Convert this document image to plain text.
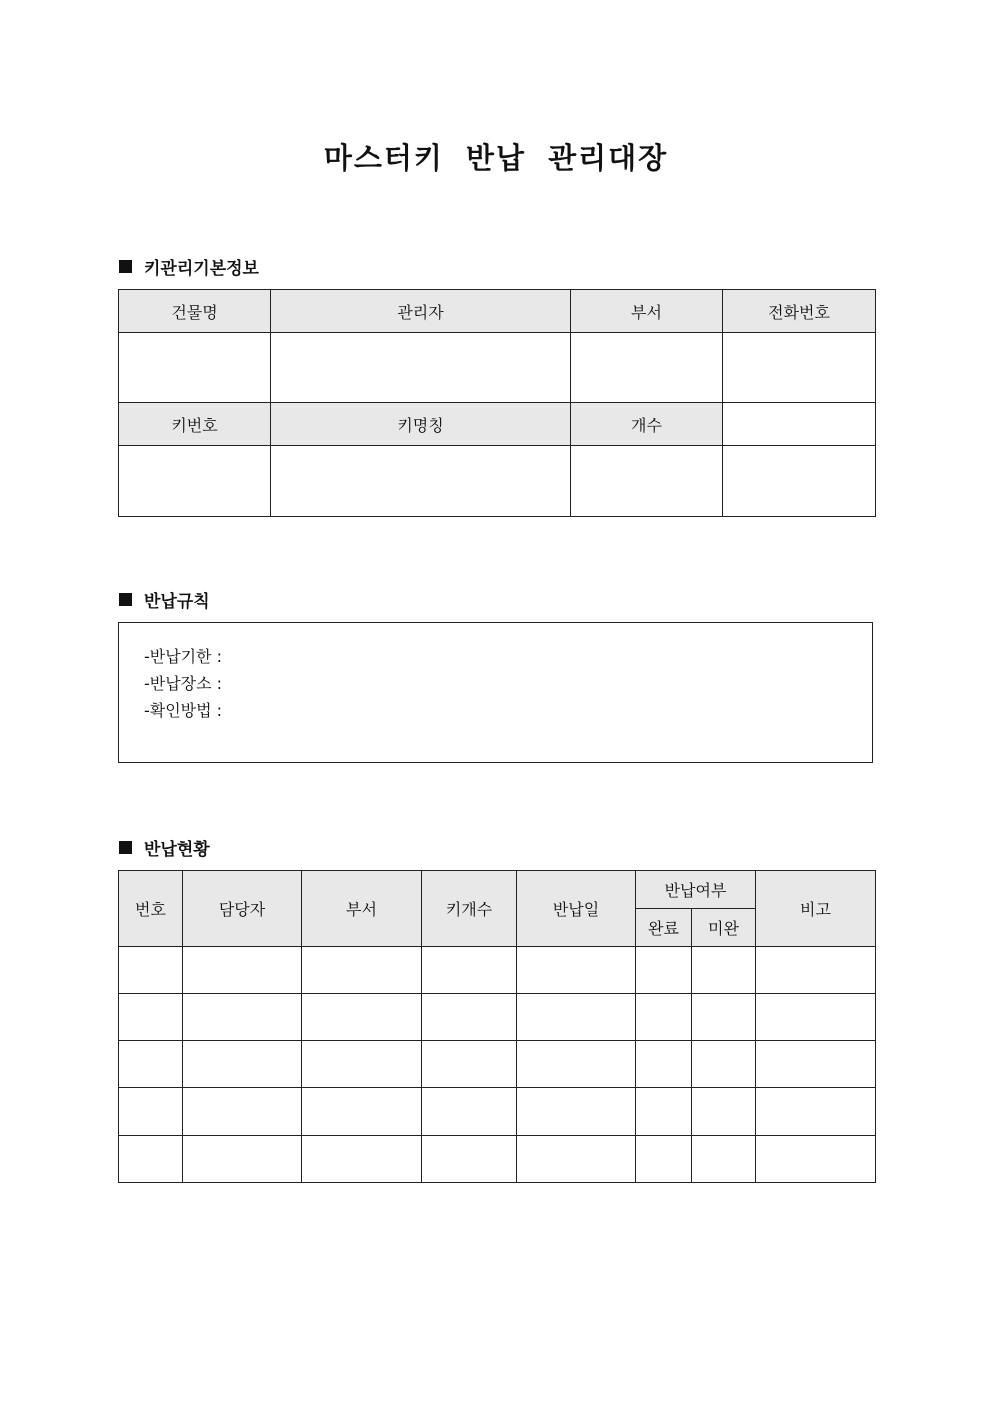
마스터키 반납 관리대장
키관리기본정보
건물명	관리자	부서	전화번호

키번호	키명칭	개수	

반납규칙
-반납기한 :
-반납장소 :
-확인방법 :
반납현황
번호	담당자	부서	키개수	반납일	반납여부		비고
					완료	미완	
